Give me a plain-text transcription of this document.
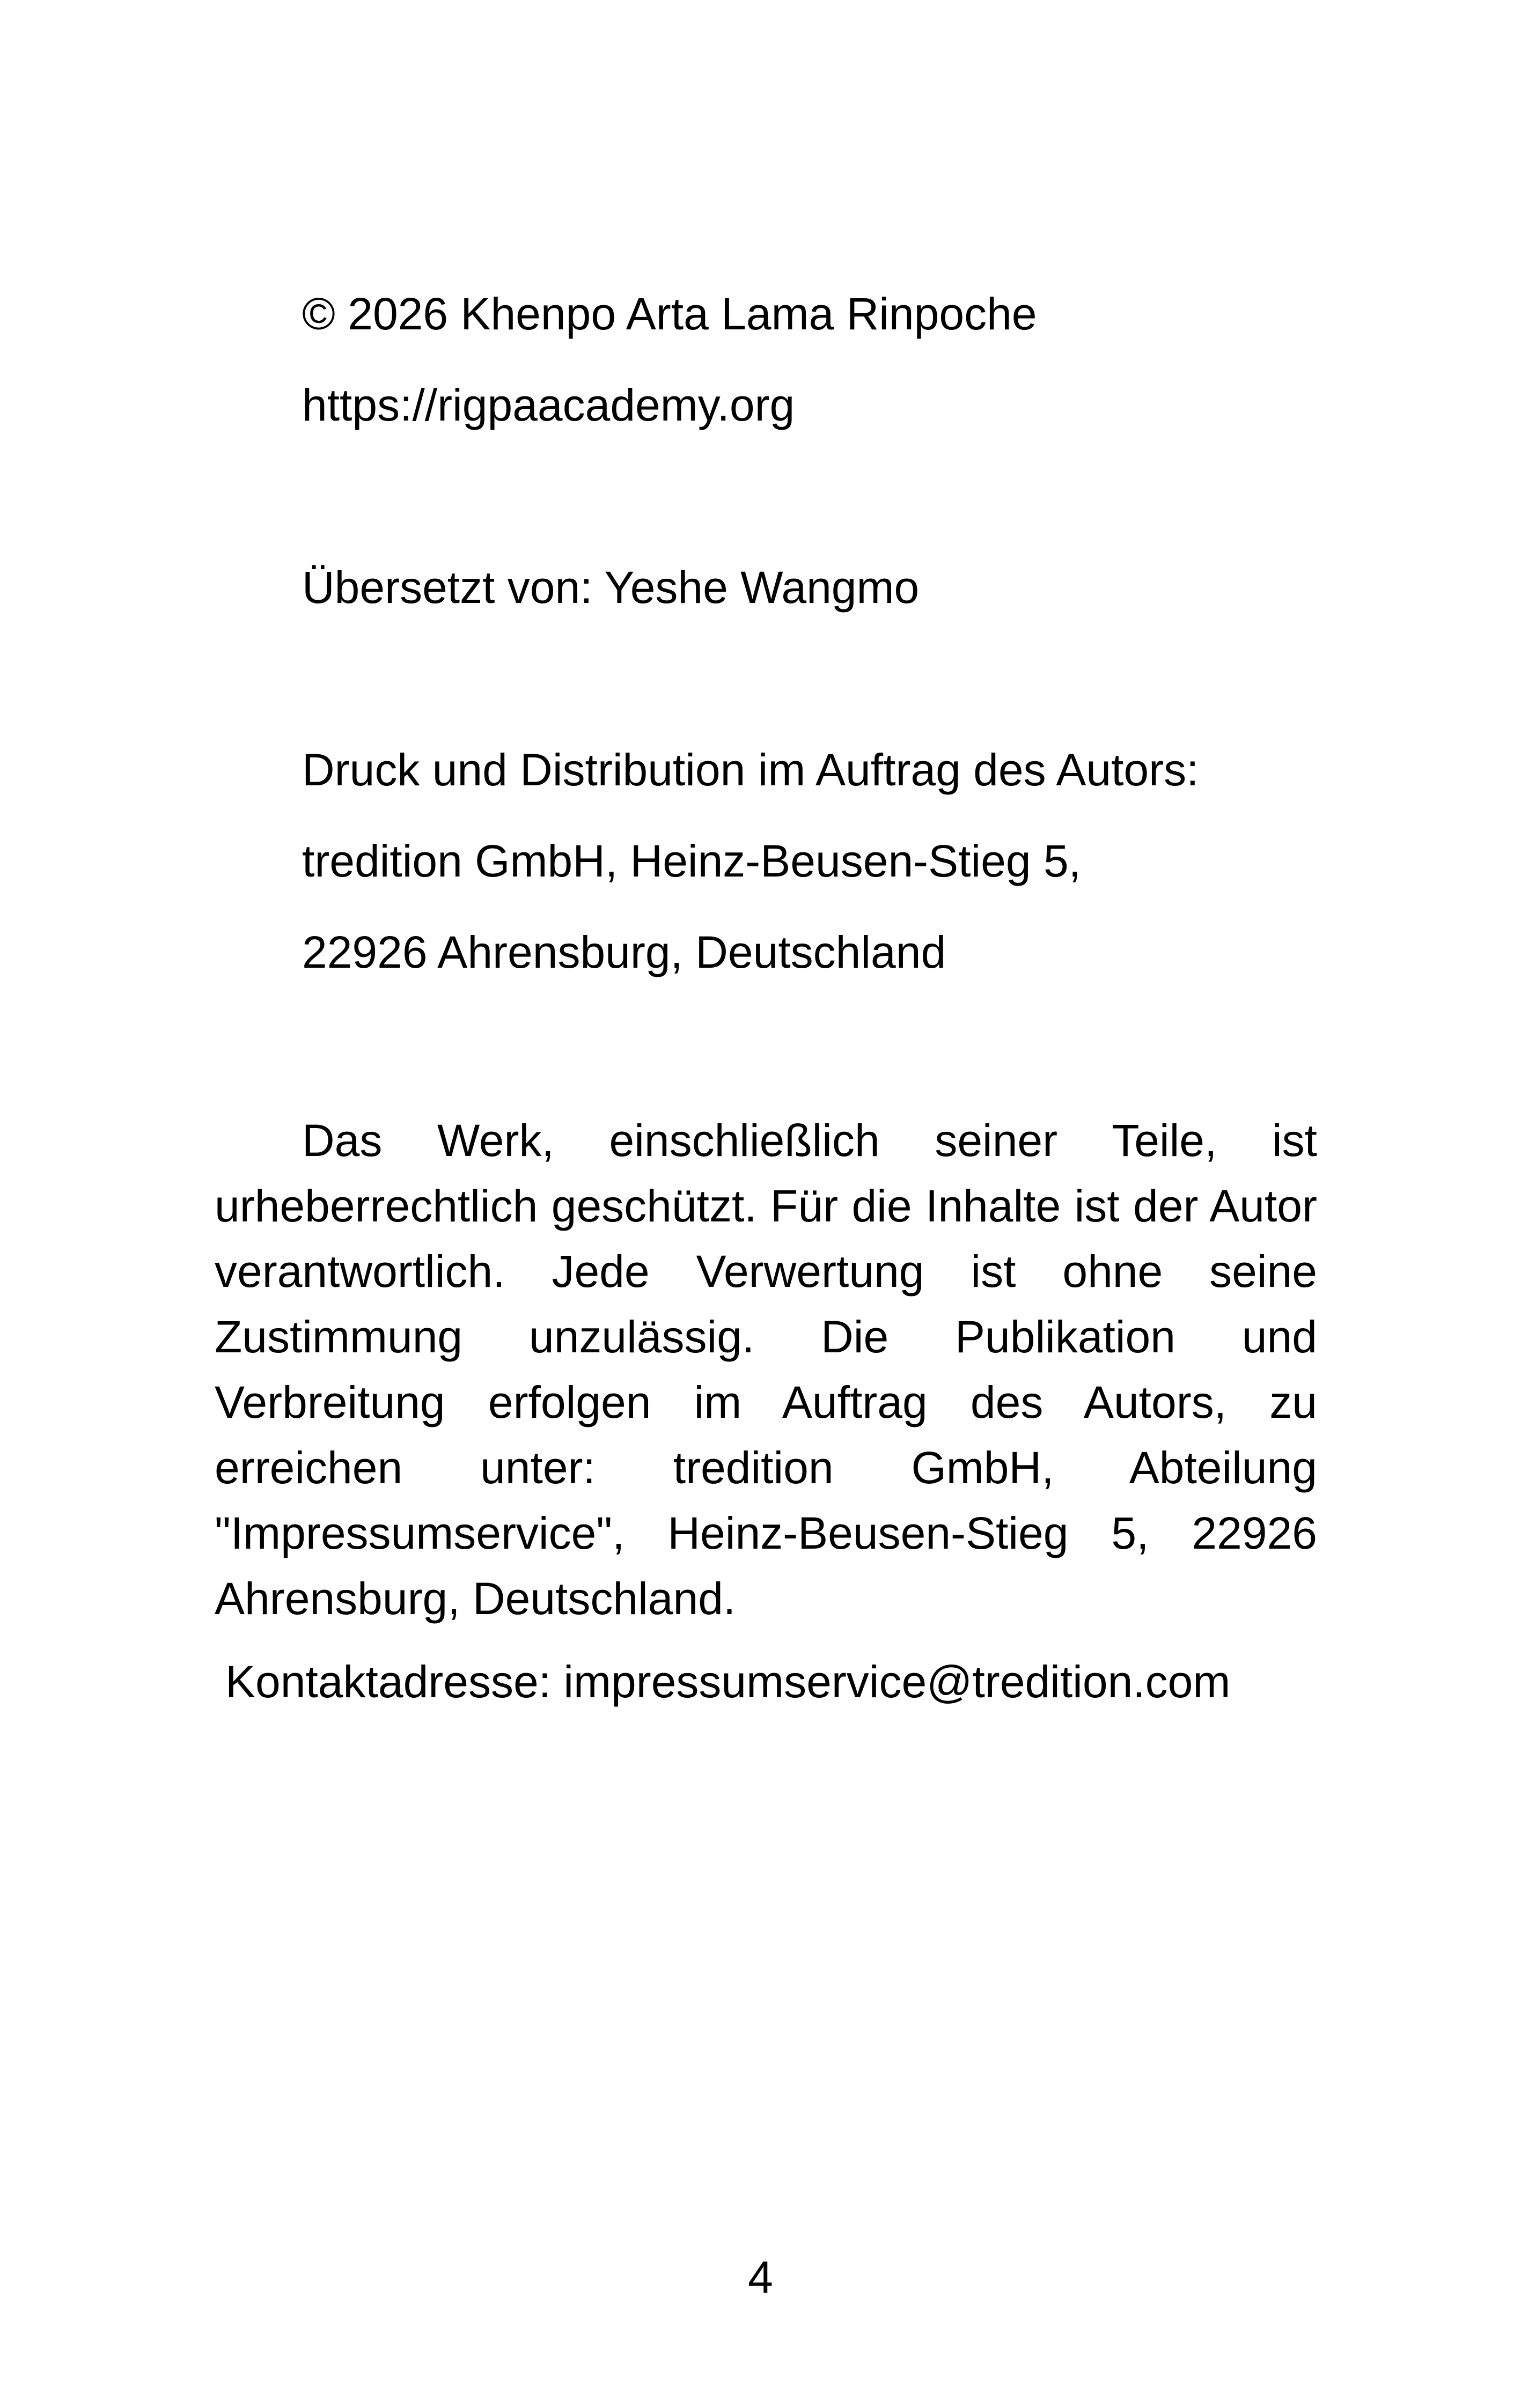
© 2026 Khenpo Arta Lama Rinpoche
https://rigpaacademy.org
Übersetzt von: Yeshe Wangmo
Druck und Distribution im Auftrag des Autors:
tredition GmbH, Heinz-Beusen-Stieg 5,
22926 Ahrensburg, Deutschland
Das Werk, einschließlich seiner Teile, ist urheberrechtlich geschützt. Für die Inhalte ist der Autor verantwortlich. Jede Verwertung ist ohne seine Zustimmung unzulässig. Die Publikation und Verbreitung erfolgen im Auftrag des Autors, zu erreichen unter: tredition GmbH, Abteilung "Impressumservice", Heinz-Beusen-Stieg 5, 22926 Ahrensburg, Deutschland.
Kontaktadresse: impressumservice@tredition.com
4
